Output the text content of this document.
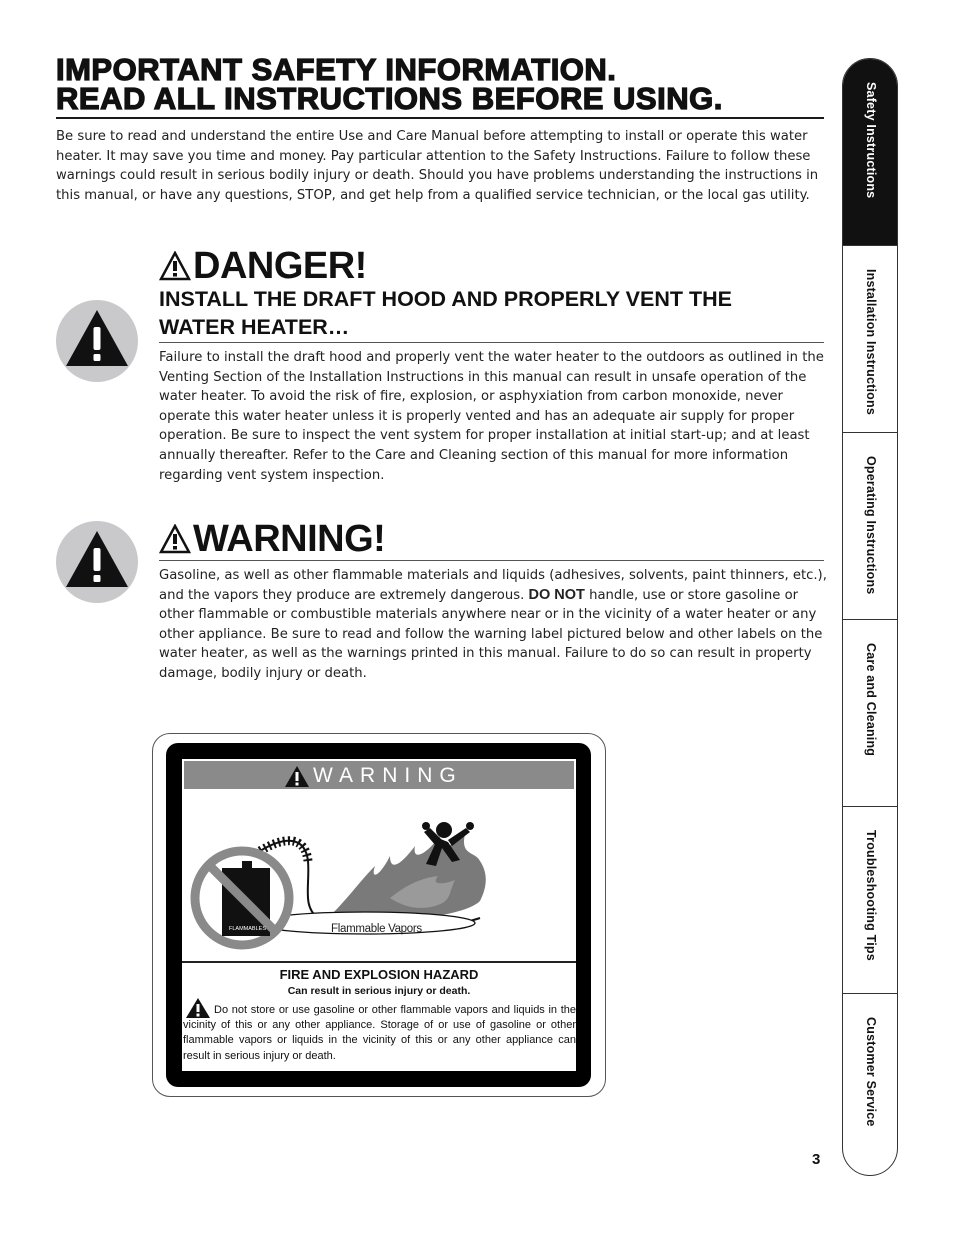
IMPORTANT SAFETY INFORMATION.
READ ALL INSTRUCTIONS BEFORE USING.

Be sure to read and understand the entire Use and Care Manual before attempting to install or operate this water heater. It may save you time and money. Pay particular attention to the Safety Instructions. Failure to follow these warnings could result in serious bodily injury or death. Should you have problems understanding the instructions in this manual, or have any questions, STOP, and get help from a qualified service technician, or the local gas utility.

DANGER!
INSTALL THE DRAFT HOOD AND PROPERLY VENT THE WATER HEATER…

Failure to install the draft hood and properly vent the water heater to the outdoors as outlined in the Venting Section of the Installation Instructions in this manual can result in unsafe operation of the water heater. To avoid the risk of fire, explosion, or asphyxiation from carbon monoxide, never operate this water heater unless it is properly vented and has an adequate air supply for proper operation. Be sure to inspect the vent system for proper installation at initial start-up; and at least annually thereafter. Refer to the Care and Cleaning section of this manual for more information regarding vent system inspection.

WARNING!

Gasoline, as well as other flammable materials and liquids (adhesives, solvents, paint thinners, etc.), and the vapors they produce are extremely dangerous. DO NOT handle, use or store gasoline or other flammable or combustible materials anywhere near or in the vicinity of a water heater or any other appliance. Be sure to read and follow the warning label pictured below and other labels on the water heater, as well as the warnings printed in this manual. Failure to do so can result in property damage, bodily injury or death.

WARNING
FLAMMABLES	Flammable Vapors
FIRE AND EXPLOSION HAZARD
Can result in serious injury or death.

Do not store or use gasoline or other flammable vapors and liquids in the vicinity of this or any other appliance. Storage of or use of gasoline or other flammable vapors or liquids in the vicinity of this or any other appliance can result in serious injury or death.

Safety Instructions
Installation Instructions
Operating Instructions
Care and Cleaning
Troubleshooting Tips
Customer Service
3
